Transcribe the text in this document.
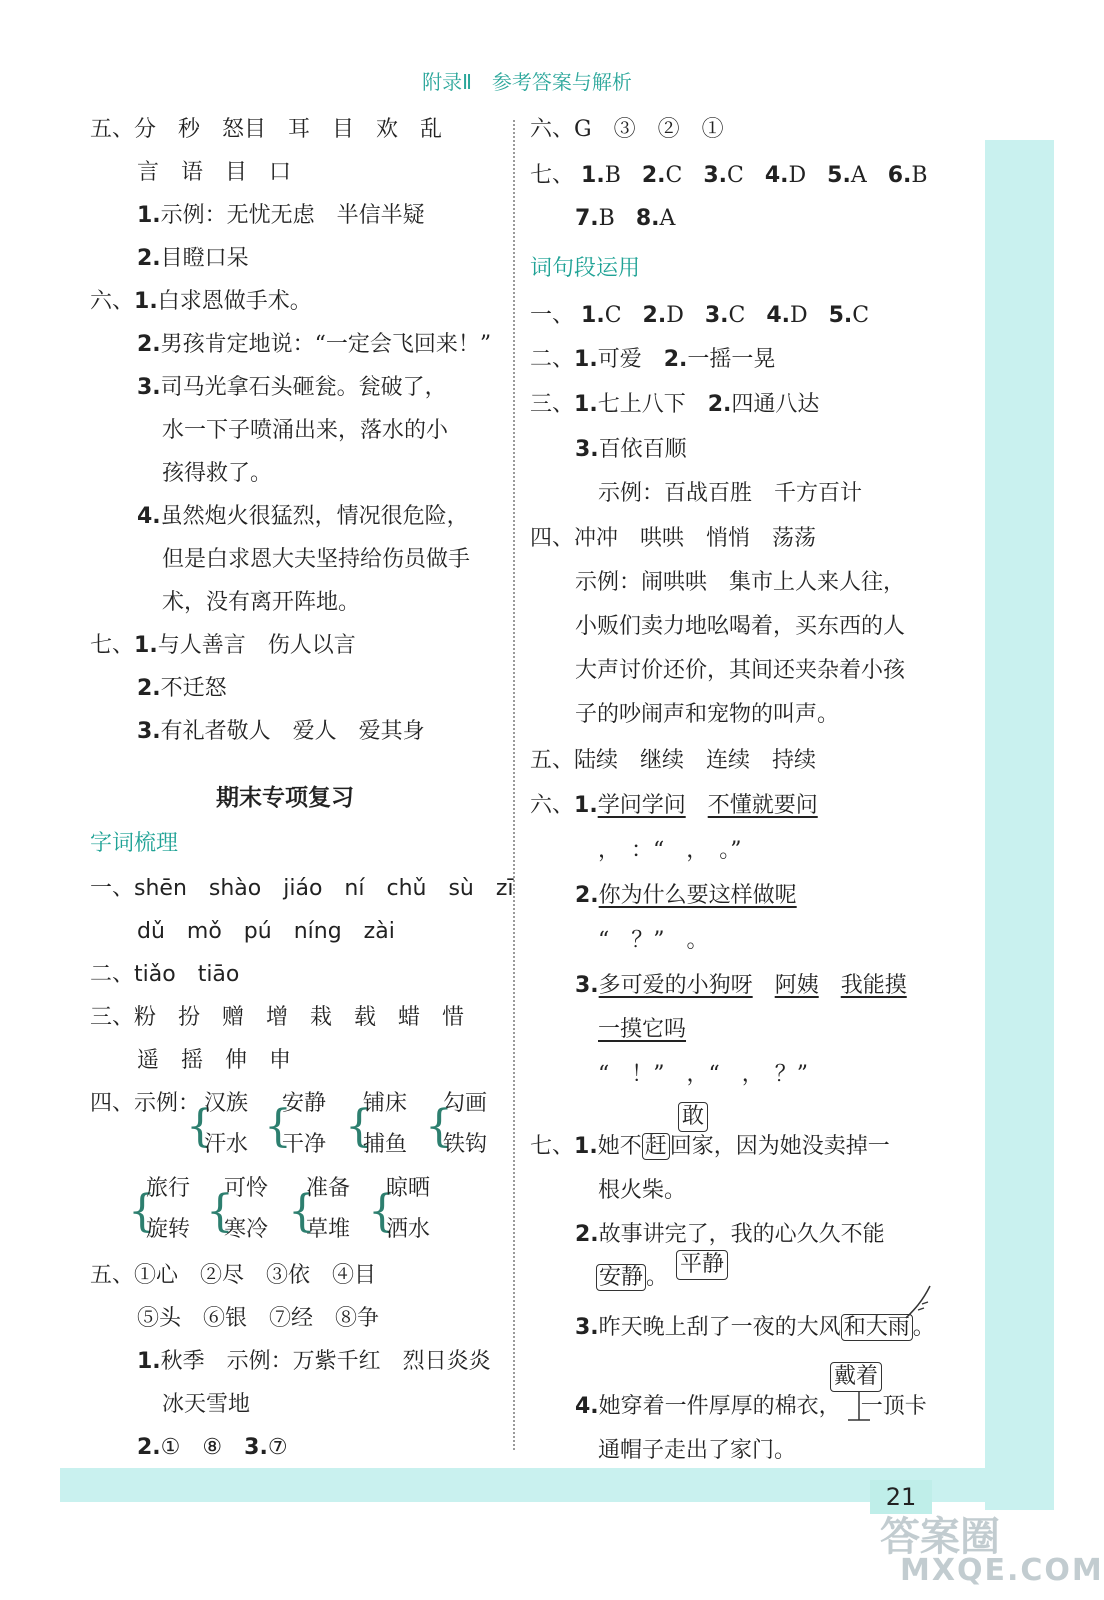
21
附录Ⅱ　参考答案与解析
五、分　秒　怒目　耳　目　欢　乱
言　语　目　口
1.示例：无忧无虑　半信半疑
2.目瞪口呆
六、1.白求恩做手术。
2.男孩肯定地说：“一定会飞回来！”
3.司马光拿石头砸瓮。瓮破了，
水一下子喷涌出来，落水的小
孩得救了。
4.虽然炮火很猛烈，情况很危险，
但是白求恩大夫坚持给伤员做手
术，没有离开阵地。
七、1.与人善言　伤人以言
2.不迁怒
3.有礼者敬人　爱人　爱其身
期末专项复习
字词梳理
一、shēn　shào　jiáo　ní　chǔ　sù　zī
dǔ　mǒ　pú　níng　zài
二、tiǎo　tiāo
三、粉　扮　赠　增　栽　载　蜡　惜
遥　摇　伸　申
四、示例：
{
汉族
汗水 {
安静
干净 {
铺床
捕鱼 {
勾画
铁钩
{
旅行
旋转 {
可怜
寒冷 {
准备
草堆 {
晾晒
洒水
五、①心　②尽　③依　④目
⑤头　⑥银　⑦经　⑧争
1.秋季　示例：万紫千红　烈日炎炎
冰天雪地
2.①　⑧　 3.⑦
六、G　③　②　①
七、 1.B 2.C 3.C 4.D 5.A 6.B
7.B 8.A
词句段运用
一、 1.C 2.D 3.C 4.D 5.C
二、1.可爱　 2.一摇一晃
三、1.七上八下　 2.四通八达
3.百依百顺
示例：百战百胜　千方百计
四、冲冲　哄哄　悄悄　荡荡
示例：闹哄哄　集市上人来人往，
小贩们卖力地吆喝着，买东西的人
大声讨价还价，其间还夹杂着小孩
子的吵闹声和宠物的叫声。
五、陆续　继续　连续　持续
六、1.学问学问　 不懂就要问
，　：“　，　。”
2.你为什么要这样做呢
“　？”　。
3.多可爱的小狗呀　 阿姨　 我能摸
一摸它吗
“　！”　，“　，　？”
敢
七、1.她不 赶 回家，因为她没卖掉一
根火柴。
2.故事讲完了，我的心久久不能
平静
安静 。
3.昨天晚上刮了一夜的大风 和大雨 。
戴着
4.她穿着一件厚厚的棉衣， 一顶卡
通帽子走出了家门。
答案圈
MXQE.COM
